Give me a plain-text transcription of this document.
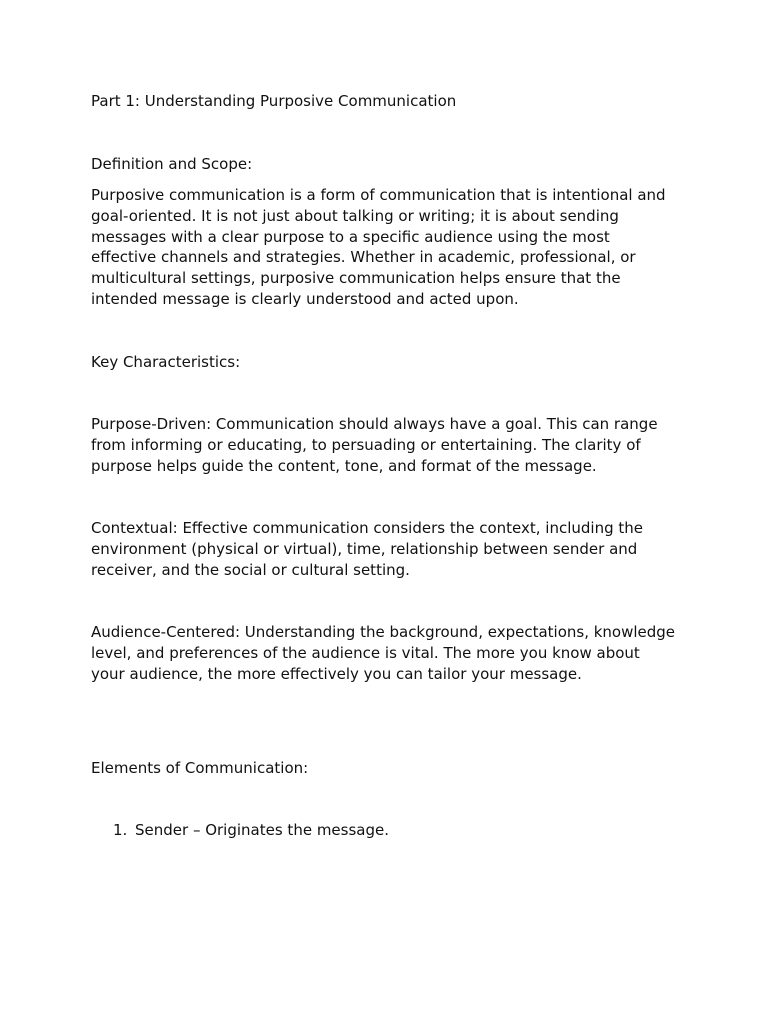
Part 1: Understanding Purposive Communication
Definition and Scope:
Purposive communication is a form of communication that is intentional and
goal-oriented. It is not just about talking or writing; it is about sending
messages with a clear purpose to a specific audience using the most
effective channels and strategies. Whether in academic, professional, or
multicultural settings, purposive communication helps ensure that the
intended message is clearly understood and acted upon.
Key Characteristics:
Purpose-Driven: Communication should always have a goal. This can range
from informing or educating, to persuading or entertaining. The clarity of
purpose helps guide the content, tone, and format of the message.
Contextual: Effective communication considers the context, including the
environment (physical or virtual), time, relationship between sender and
receiver, and the social or cultural setting.
Audience-Centered: Understanding the background, expectations, knowledge
level, and preferences of the audience is vital. The more you know about
your audience, the more effectively you can tailor your message.
Elements of Communication:
1. Sender – Originates the message.
